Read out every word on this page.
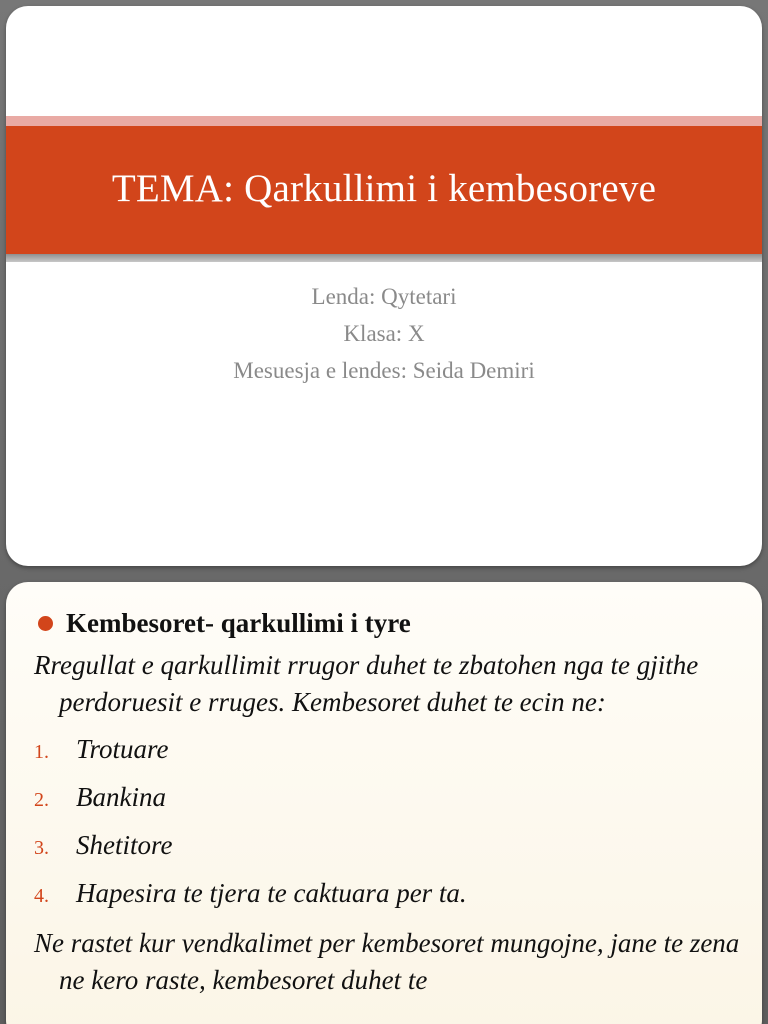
TEMA: Qarkullimi i kembesoreve
Lenda: Qytetari
Klasa: X
Mesuesja e lendes: Seida Demiri
Kembesoret- qarkullimi i tyre

Rregullat e qarkullimit rrugor duhet te zbatohen nga te gjithe perdoruesit e rruges. Kembesoret duhet te ecin ne:

1.	Trotuare
2.	Bankina
3.	Shetitore
4.	Hapesira te tjera te caktuara per ta.

Ne rastet kur vendkalimet per kembesoret mungojne, jane te zena ne kero raste, kembesoret duhet te
